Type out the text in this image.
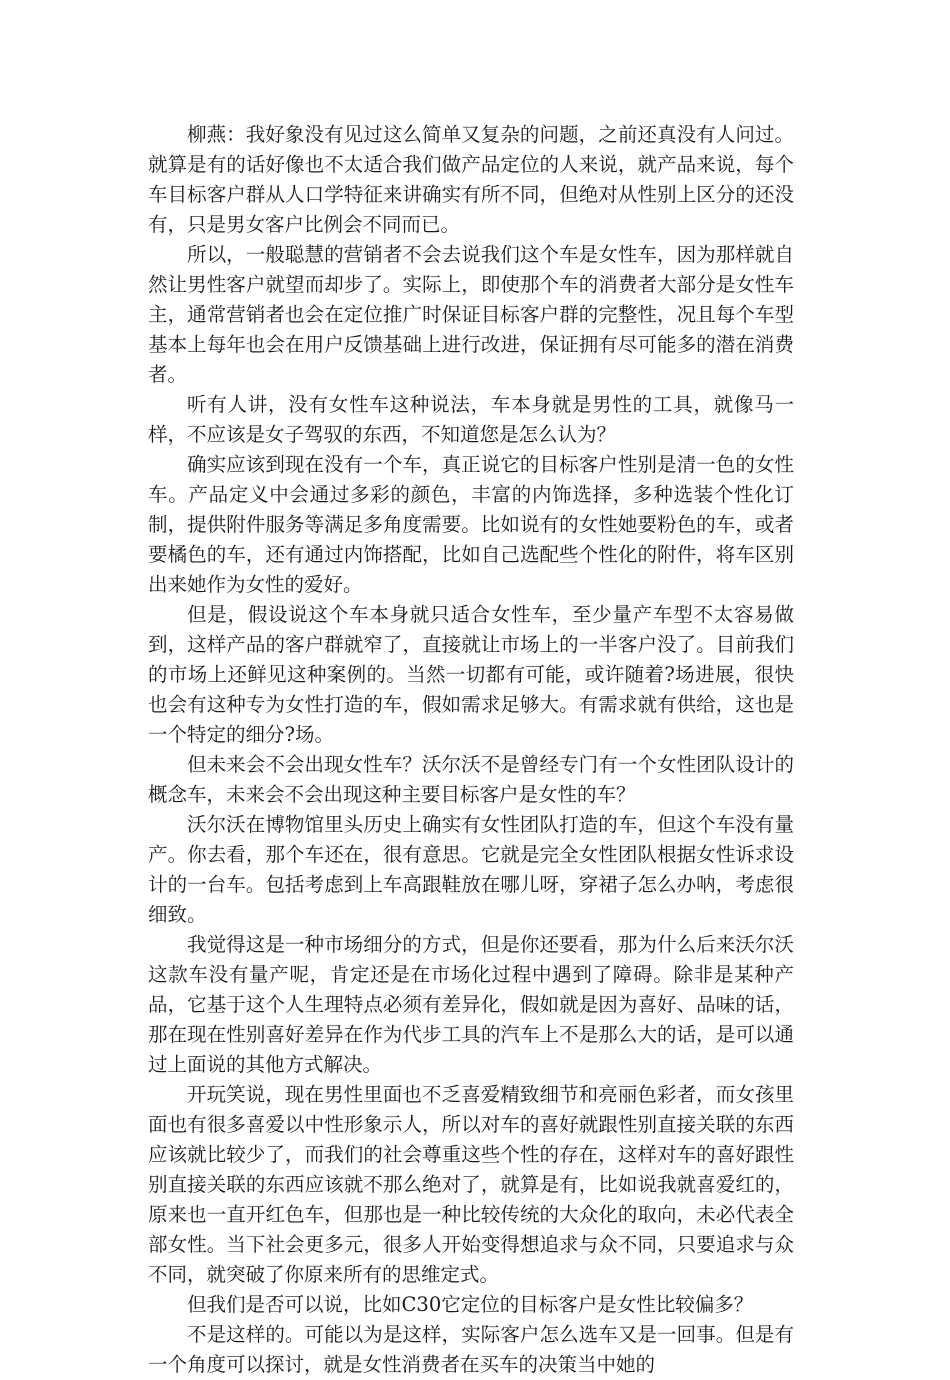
柳燕：我好象没有见过这么简单又复杂的问题，之前还真没有人问过。就算是有的话好像也不太适合我们做产品定位的人来说，就产品来说，每个车目标客户群从人口学特征来讲确实有所不同，但绝对从性别上区分的还没有，只是男女客户比例会不同而已。

所以，一般聪慧的营销者不会去说我们这个车是女性车，因为那样就自然让男性客户就望而却步了。实际上，即使那个车的消费者大部分是女性车主，通常营销者也会在定位推广时保证目标客户群的完整性，况且每个车型基本上每年也会在用户反馈基础上进行改进，保证拥有尽可能多的潜在消费者。

听有人讲，没有女性车这种说法，车本身就是男性的工具，就像马一样，不应该是女子驾驭的东西，不知道您是怎么认为？

确实应该到现在没有一个车，真正说它的目标客户性别是清一色的女性车。产品定义中会通过多彩的颜色，丰富的内饰选择，多种选装个性化订制，提供附件服务等满足多角度需要。比如说有的女性她要粉色的车，或者要橘色的车，还有通过内饰搭配，比如自己选配些个性化的附件，将车区别出来她作为女性的爱好。

但是，假设说这个车本身就只适合女性车，至少量产车型不太容易做到，这样产品的客户群就窄了，直接就让市场上的一半客户没了。目前我们的市场上还鲜见这种案例的。当然一切都有可能，或许随着?场进展，很快也会有这种专为女性打造的车，假如需求足够大。有需求就有供给，这也是一个特定的细分?场。

但未来会不会出现女性车？沃尔沃不是曾经专门有一个女性团队设计的概念车，未来会不会出现这种主要目标客户是女性的车？

沃尔沃在博物馆里头历史上确实有女性团队打造的车，但这个车没有量产。你去看，那个车还在，很有意思。它就是完全女性团队根据女性诉求设计的一台车。包括考虑到上车高跟鞋放在哪儿呀，穿裙子怎么办呐，考虑很细致。

我觉得这是一种市场细分的方式，但是你还要看，那为什么后来沃尔沃这款车没有量产呢，肯定还是在市场化过程中遇到了障碍。除非是某种产品，它基于这个人生理特点必须有差异化，假如就是因为喜好、品味的话，那在现在性别喜好差异在作为代步工具的汽车上不是那么大的话，是可以通过上面说的其他方式解决。

开玩笑说，现在男性里面也不乏喜爱精致细节和亮丽色彩者，而女孩里面也有很多喜爱以中性形象示人，所以对车的喜好就跟性别直接关联的东西应该就比较少了，而我们的社会尊重这些个性的存在，这样对车的喜好跟性别直接关联的东西应该就不那么绝对了，就算是有，比如说我就喜爱红的，原来也一直开红色车，但那也是一种比较传统的大众化的取向，未必代表全部女性。当下社会更多元，很多人开始变得想追求与众不同，只要追求与众不同，就突破了你原来所有的思维定式。

但我们是否可以说，比如C30它定位的目标客户是女性比较偏多？

不是这样的。可能以为是这样，实际客户怎么选车又是一回事。但是有一个角度可以探讨，就是女性消费者在买车的决策当中她的
